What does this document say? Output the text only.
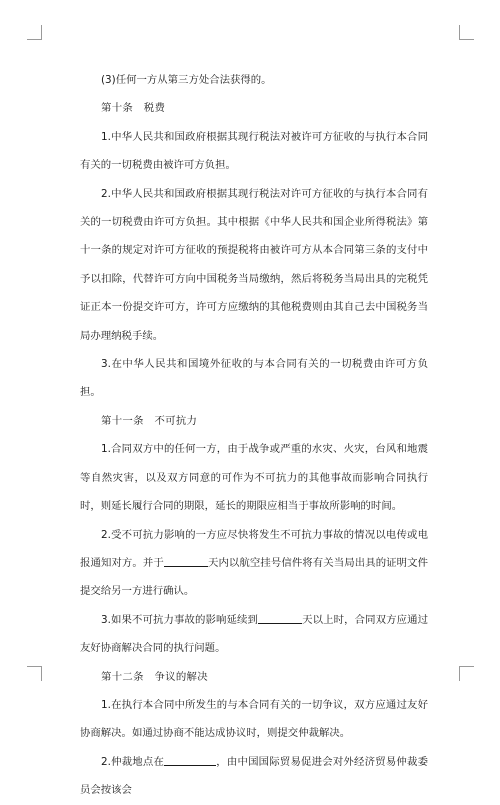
(3)任何一方从第三方处合法获得的。

第十条　税费

1.中华人民共和国政府根据其现行税法对被许可方征收的与执行本合同有关的一切税费由被许可方负担。

2.中华人民共和国政府根据其现行税法对许可方征收的与执行本合同有关的一切税费由许可方负担。其中根据《中华人民共和国企业所得税法》第十一条的规定对许可方征收的预提税将由被许可方从本合同第三条的支付中予以扣除，代替许可方向中国税务当局缴纳，然后将税务当局出具的完税凭证正本一份提交许可方，许可方应缴纳的其他税费则由其自己去中国税务当局办理纳税手续。

3.在中华人民共和国境外征收的与本合同有关的一切税费由许可方负担。

第十一条　不可抗力

1.合同双方中的任何一方，由于战争或严重的水灾、火灾，台风和地震等自然灾害，以及双方同意的可作为不可抗力的其他事故而影响合同执行时，则延长履行合同的期限，延长的期限应相当于事故所影响的时间。

2.受不可抗力影响的一方应尽快将发生不可抗力事故的情况以电传或电报通知对方。并于	天内以航空挂号信件将有关当局出具的证明文件提交给另一方进行确认。

3.如果不可抗力事故的影响延续到	天以上时，合同双方应通过友好协商解决合同的执行问题。

第十二条　争议的解决

1.在执行本合同中所发生的与本合同有关的一切争议，双方应通过友好协商解决。如通过协商不能达成协议时，则提交仲裁解决。

2.仲裁地点在	，由中国国际贸易促进会对外经济贸易仲裁委员会按该会
